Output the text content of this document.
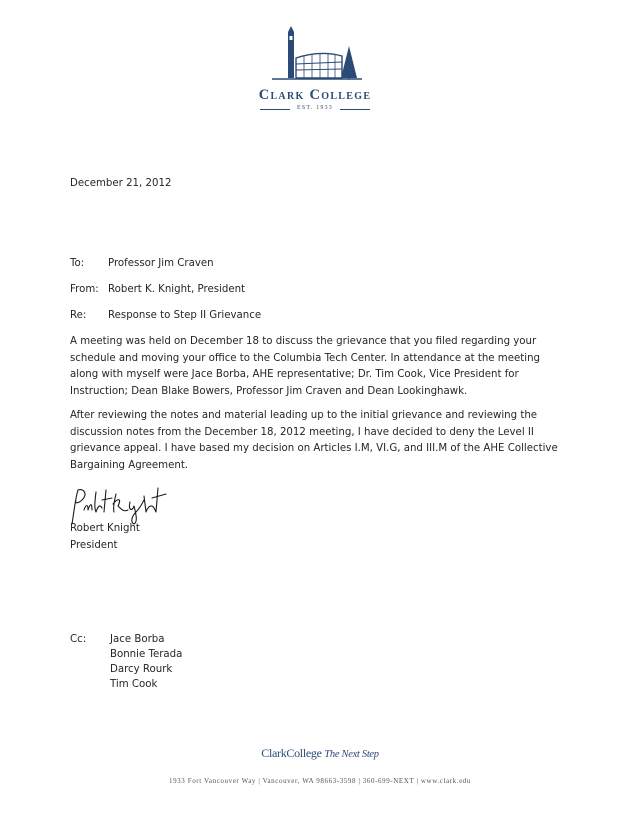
Clark College
EST. 1933
December 21, 2012
To: Professor Jim Craven
From: Robert K. Knight, President
Re: Response to Step II Grievance
A meeting was held on December 18 to discuss the grievance that you filed regarding your schedule and moving your office to the Columbia Tech Center. In attendance at the meeting along with myself were Jace Borba, AHE representative; Dr. Tim Cook, Vice President for Instruction; Dean Blake Bowers, Professor Jim Craven and Dean Lookinghawk.
After reviewing the notes and material leading up to the initial grievance and reviewing the discussion notes from the December 18, 2012 meeting, I have decided to deny the Level II grievance appeal. I have based my decision on Articles I.M, VI.G, and III.M of the AHE Collective Bargaining Agreement.
Robert Knight
President
Cc: Jace Borba
Bonnie Terada
Darcy Rourk
Tim Cook
ClarkCollege The Next Step
1933 Fort Vancouver Way | Vancouver, WA 98663-3598 | 360-699-NEXT | www.clark.edu
